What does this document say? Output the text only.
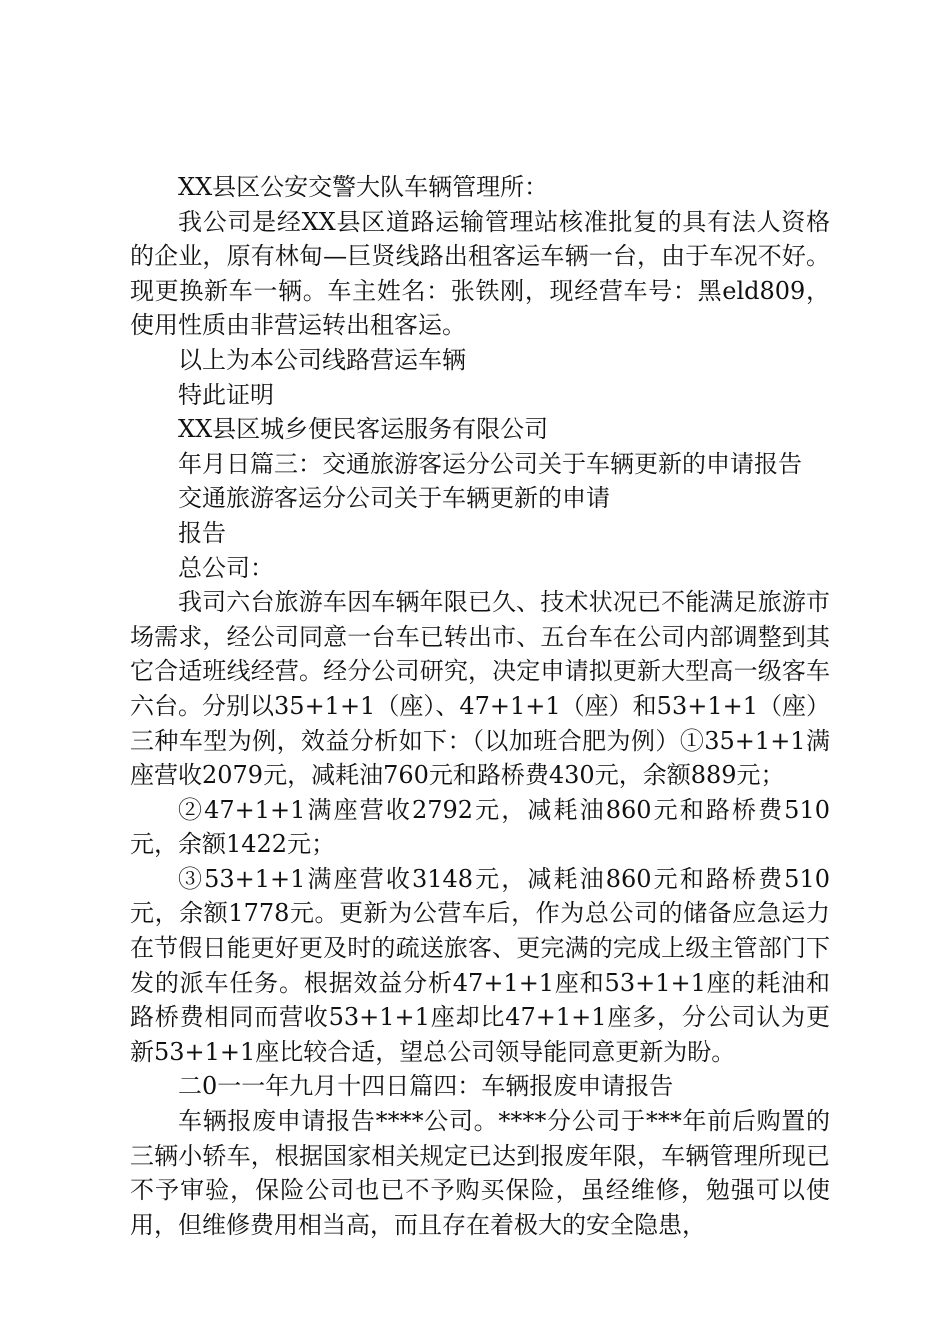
XX县区公安交警大队车辆管理所：

我公司是经XX县区道路运输管理站核准批复的具有法人资格的企业，原有林甸—巨贤线路出租客运车辆一台，由于车况不好。现更换新车一辆。车主姓名：张铁刚，现经营车号：黑eld809，使用性质由非营运转出租客运。

以上为本公司线路营运车辆

特此证明

XX县区城乡便民客运服务有限公司

年月日篇三：交通旅游客运分公司关于车辆更新的申请报告

交通旅游客运分公司关于车辆更新的申请

报告

总公司：

我司六台旅游车因车辆年限已久、技术状况已不能满足旅游市场需求，经公司同意一台车已转出市、五台车在公司内部调整到其它合适班线经营。经分公司研究，决定申请拟更新大型高一级客车六台。分别以35+1+1（座）、47+1+1（座）和53+1+1（座）三种车型为例，效益分析如下：（以加班合肥为例）①35+1+1满座营收2079元，减耗油760元和路桥费430元，余额889元；

②47+1+1满座营收2792元，减耗油860元和路桥费510元，余额1422元；

③53+1+1满座营收3148元，减耗油860元和路桥费510元，余额1778元。更新为公营车后，作为总公司的储备应急运力在节假日能更好更及时的疏送旅客、更完满的完成上级主管部门下发的派车任务。根据效益分析47+1+1座和53+1+1座的耗油和路桥费相同而营收53+1+1座却比47+1+1座多，分公司认为更新53+1+1座比较合适，望总公司领导能同意更新为盼。

二0一一年九月十四日篇四：车辆报废申请报告

车辆报废申请报告****公司。****分公司于***年前后购置的三辆小轿车，根据国家相关规定已达到报废年限，车辆管理所现已不予审验，保险公司也已不予购买保险，虽经维修，勉强可以使用，但维修费用相当高，而且存在着极大的安全隐患，
